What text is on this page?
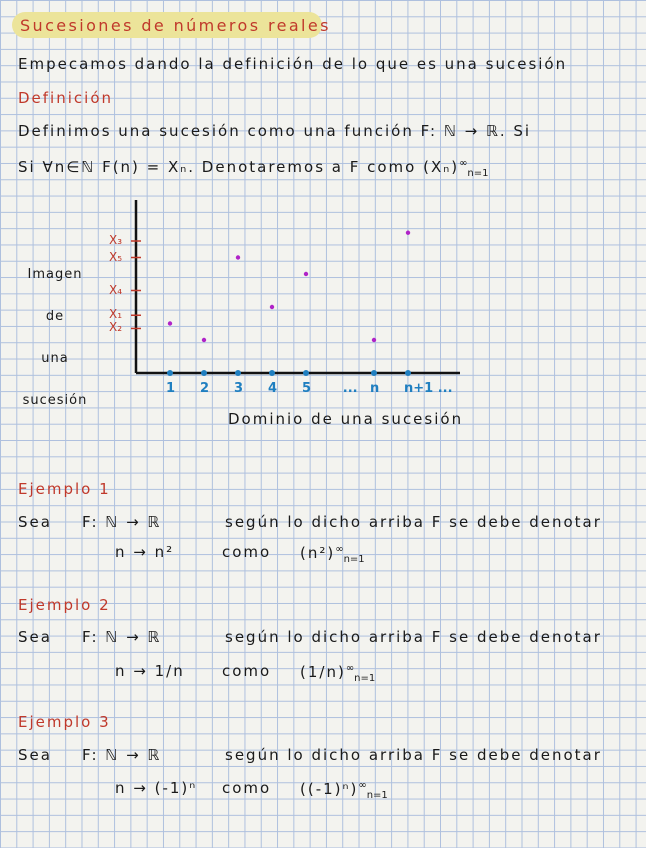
Sucesiones de números reales
Empecamos dando la definición de lo que es una sucesión
Definición
Definimos una sucesión como una función F: ℕ → ℝ. Si
Si ∀n∈ℕ F(n) = Xₙ. Denotaremos a F como $(X_n)^\infty_{n=1}$

Imagen

de

una

sucesión

X₃
X₅
X₄
X₁
X₂
1 2 3 4 5 ... n n+1 ...
Dominio de una sucesión
Ejemplo 1
Sea F: ℕ → ℝ	según lo dicho arriba F se debe denotar
n → n²	como $(n^2)^\infty_{n=1}$
Ejemplo 2
Sea F: ℕ → ℝ	según lo dicho arriba F se debe denotar
n → 1/n como $(1/n)^\infty_{n=1}$
Ejemplo 3
Sea F: ℕ → ℝ	según lo dicho arriba F se debe denotar
n → (-1)ⁿ como $((-1)^n)^\infty_{n=1}$
